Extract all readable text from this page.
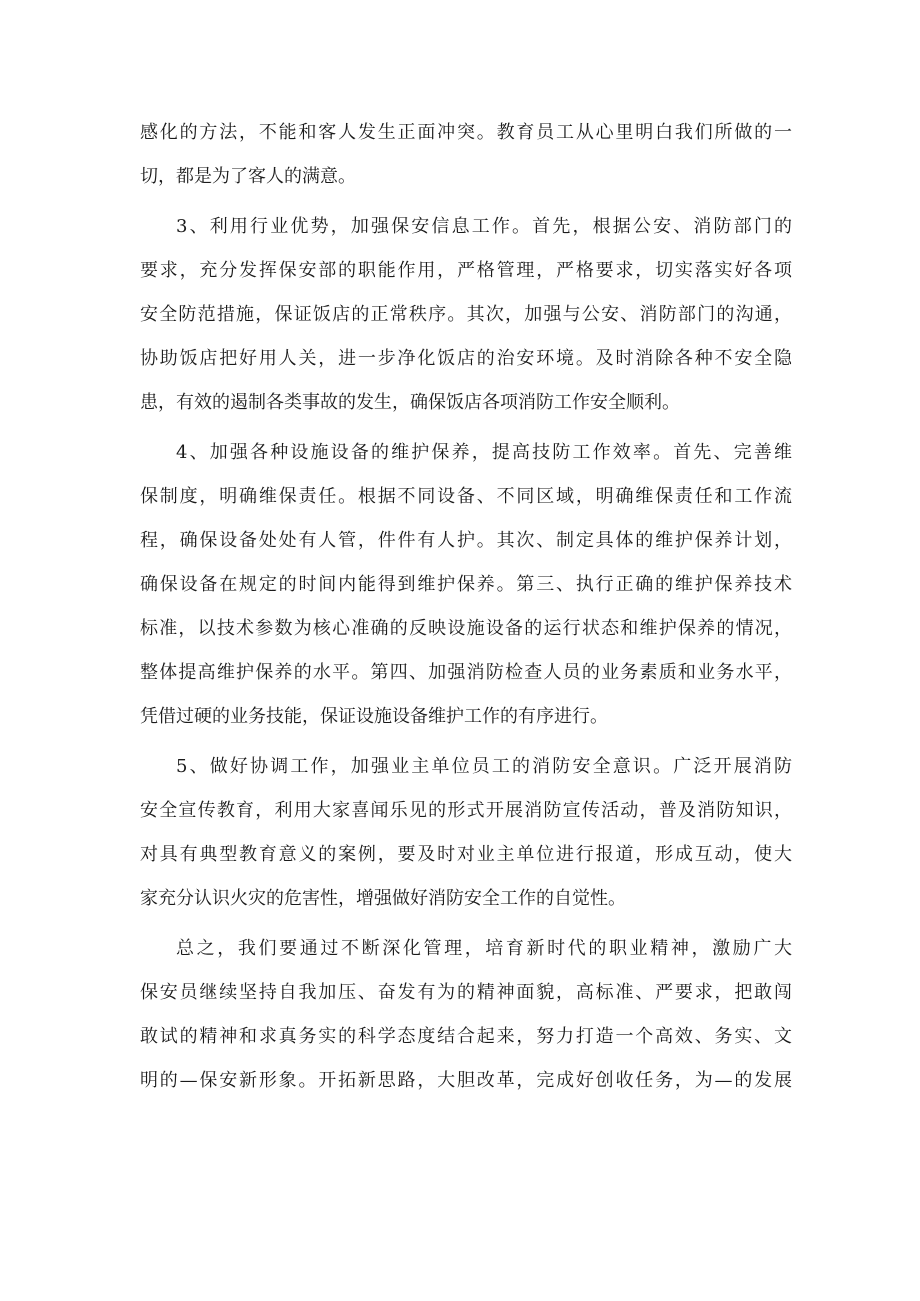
感化的方法，不能和客人发生正面冲突。教育员工从心里明白我们所做的一
切，都是为了客人的满意。
3、利用行业优势，加强保安信息工作。首先，根据公安、消防部门的
要求，充分发挥保安部的职能作用，严格管理，严格要求，切实落实好各项
安全防范措施，保证饭店的正常秩序。其次，加强与公安、消防部门的沟通，
协助饭店把好用人关，进一步净化饭店的治安环境。及时消除各种不安全隐
患，有效的遏制各类事故的发生，确保饭店各项消防工作安全顺利。
4、加强各种设施设备的维护保养，提高技防工作效率。首先、完善维
保制度，明确维保责任。根据不同设备、不同区域，明确维保责任和工作流
程，确保设备处处有人管，件件有人护。其次、制定具体的维护保养计划，
确保设备在规定的时间内能得到维护保养。第三、执行正确的维护保养技术
标准，以技术参数为核心准确的反映设施设备的运行状态和维护保养的情况，
整体提高维护保养的水平。第四、加强消防检查人员的业务素质和业务水平，
凭借过硬的业务技能，保证设施设备维护工作的有序进行。
5、做好协调工作，加强业主单位员工的消防安全意识。广泛开展消防
安全宣传教育，利用大家喜闻乐见的形式开展消防宣传活动，普及消防知识，
对具有典型教育意义的案例，要及时对业主单位进行报道，形成互动，使大
家充分认识火灾的危害性，增强做好消防安全工作的自觉性。
总之，我们要通过不断深化管理，培育新时代的职业精神，激励广大
保安员继续坚持自我加压、奋发有为的精神面貌，高标准、严要求，把敢闯
敢试的精神和求真务实的科学态度结合起来，努力打造一个高效、务实、文
明的—保安新形象。开拓新思路，大胆改革，完成好创收任务，为—的发展
